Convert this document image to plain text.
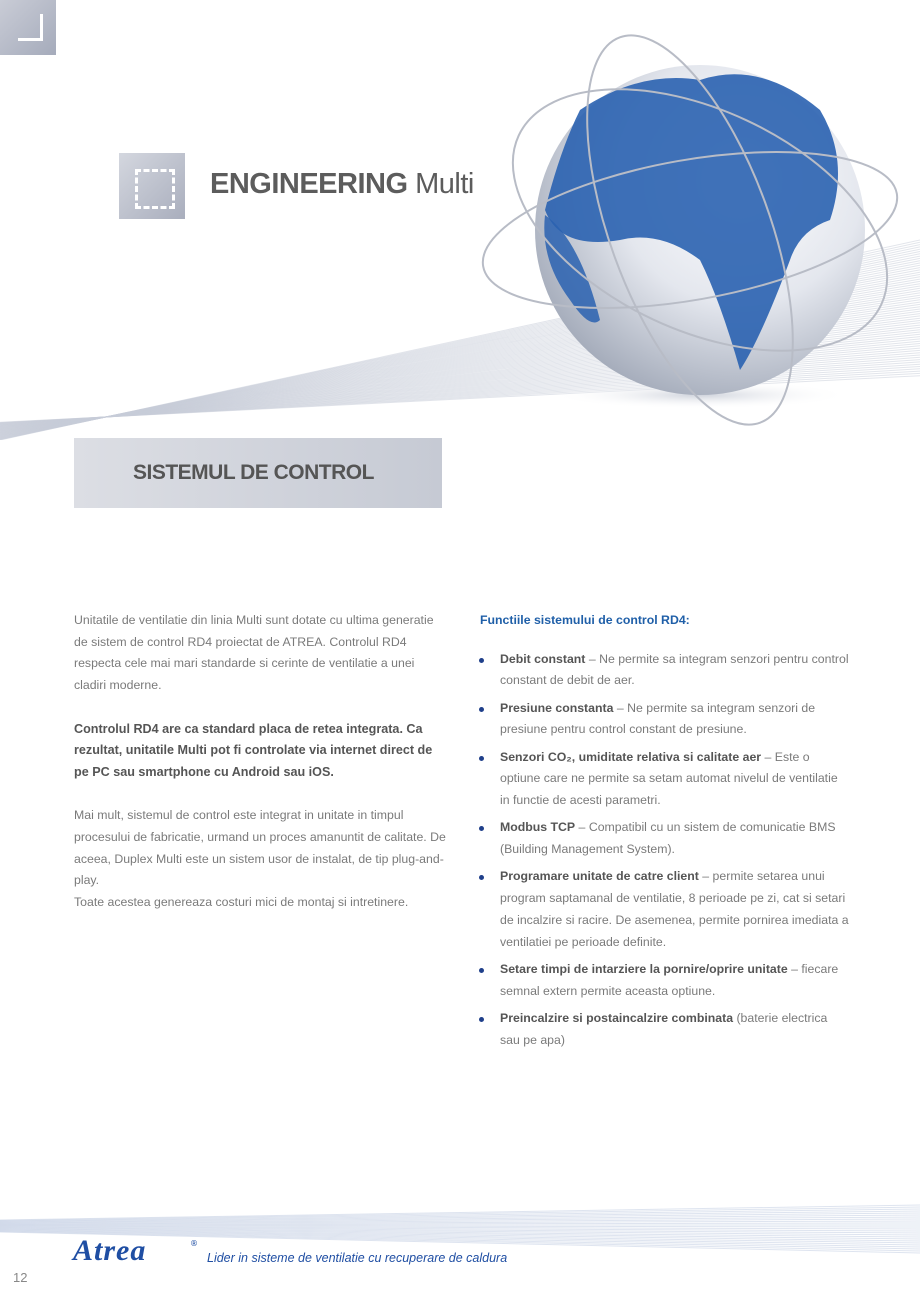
ENGINEERING Multi
SISTEMUL DE CONTROL

Unitatile de ventilatie din linia Multi sunt dotate cu ultima generatie de sistem de control RD4 proiectat de ATREA. Controlul RD4 respecta cele mai mari standarde si cerinte de ventilatie a unei cladiri moderne.

Controlul RD4 are ca standard placa de retea integrata. Ca rezultat, unitatile Multi pot fi controlate via internet direct de pe PC sau smartphone cu Android sau iOS.

Mai mult, sistemul de control este integrat in unitate in timpul procesului de fabricatie, urmand un proces amanuntit de calitate. De aceea, Duplex Multi este un sistem usor de instalat, de tip plug-and-play.
Toate acestea genereaza costuri mici de montaj si intretinere.
Functiile sistemului de control RD4:
Debit constant – Ne permite sa integram senzori pentru control constant de debit de aer.
Presiune constanta – Ne permite sa integram senzori de presiune pentru control constant de presiune.
Senzori CO₂, umiditate relativa si calitate aer – Este o optiune care ne permite sa setam automat nivelul de ventilatie in functie de acesti parametri.
Modbus TCP – Compatibil cu un sistem de comunicatie BMS (Building Management System).
Programare unitate de catre client – permite setarea unui program saptamanal de ventilatie, 8 perioade pe zi, cat si setari de incalzire si racire. De asemenea, permite pornirea imediata a ventilatiei pe perioade definite.
Setare timpi de intarziere la pornire/oprire unitate – fiecare semnal extern permite aceasta optiune.
Preincalzire si postaincalzire combinata (baterie electrica sau pe apa)
Atrea	®
Lider in sisteme de ventilatie cu recuperare de caldura
12
